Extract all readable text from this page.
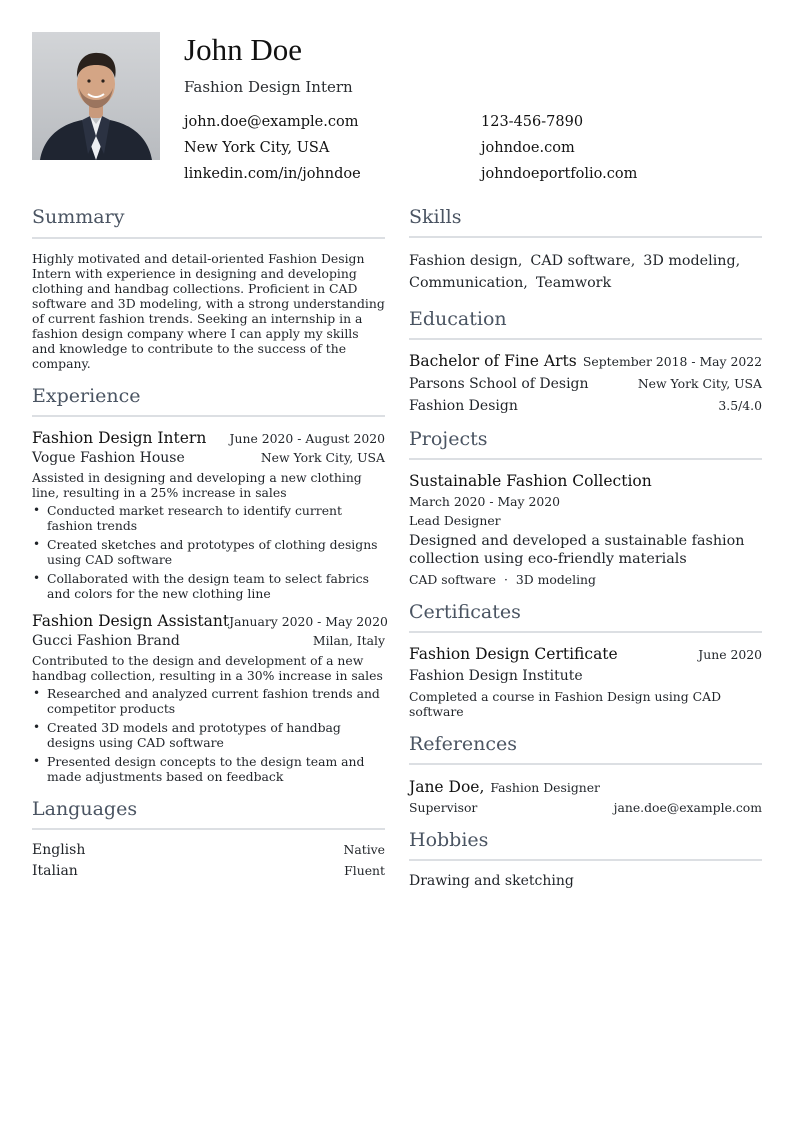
John Doe
Fashion Design Intern
john.doe@example.com	123-456-7890
New York City, USA	johndoe.com
linkedin.com/in/johndoe	johndoeportfolio.com
Summary
Highly motivated and detail-oriented Fashion Design Intern with experience in designing and developing clothing and handbag collections. Proficient in CAD software and 3D modeling, with a strong understanding of current fashion trends. Seeking an internship in a fashion design company where I can apply my skills and knowledge to contribute to the success of the company.
Experience
Fashion Design Intern June 2020 - August 2020
Vogue Fashion House	New York City, USA
Assisted in designing and developing a new clothing line, resulting in a 25% increase in sales
• Conducted market research to identify current fashion trends
• Created sketches and prototypes of clothing designs using CAD software
• Collaborated with the design team to select fabrics and colors for the new clothing line
Fashion Design Assistant January 2020 - May 2020
Gucci Fashion Brand	Milan, Italy
Contributed to the design and development of a new handbag collection, resulting in a 30% increase in sales
• Researched and analyzed current fashion trends and competitor products
• Created 3D models and prototypes of handbag designs using CAD software
• Presented design concepts to the design team and made adjustments based on feedback
Languages
English	Native
Italian	Fluent
Skills
Fashion design, CAD software, 3D modeling,Communication, Teamwork
Education
Bachelor of Fine Arts September 2018 - May 2022
Parsons School of Design	New York City, USA
Fashion Design	3.5/4.0
Projects
Sustainable Fashion Collection
March 2020 - May 2020
Lead Designer
Designed and developed a sustainable fashion collection using eco-friendly materials
CAD software · 3D modeling
Certificates
Fashion Design Certificate	June 2020
Fashion Design Institute
Completed a course in Fashion Design using CAD software
References
Jane Doe, Fashion Designer
Supervisor	jane.doe@example.com
Hobbies
Drawing and sketching
